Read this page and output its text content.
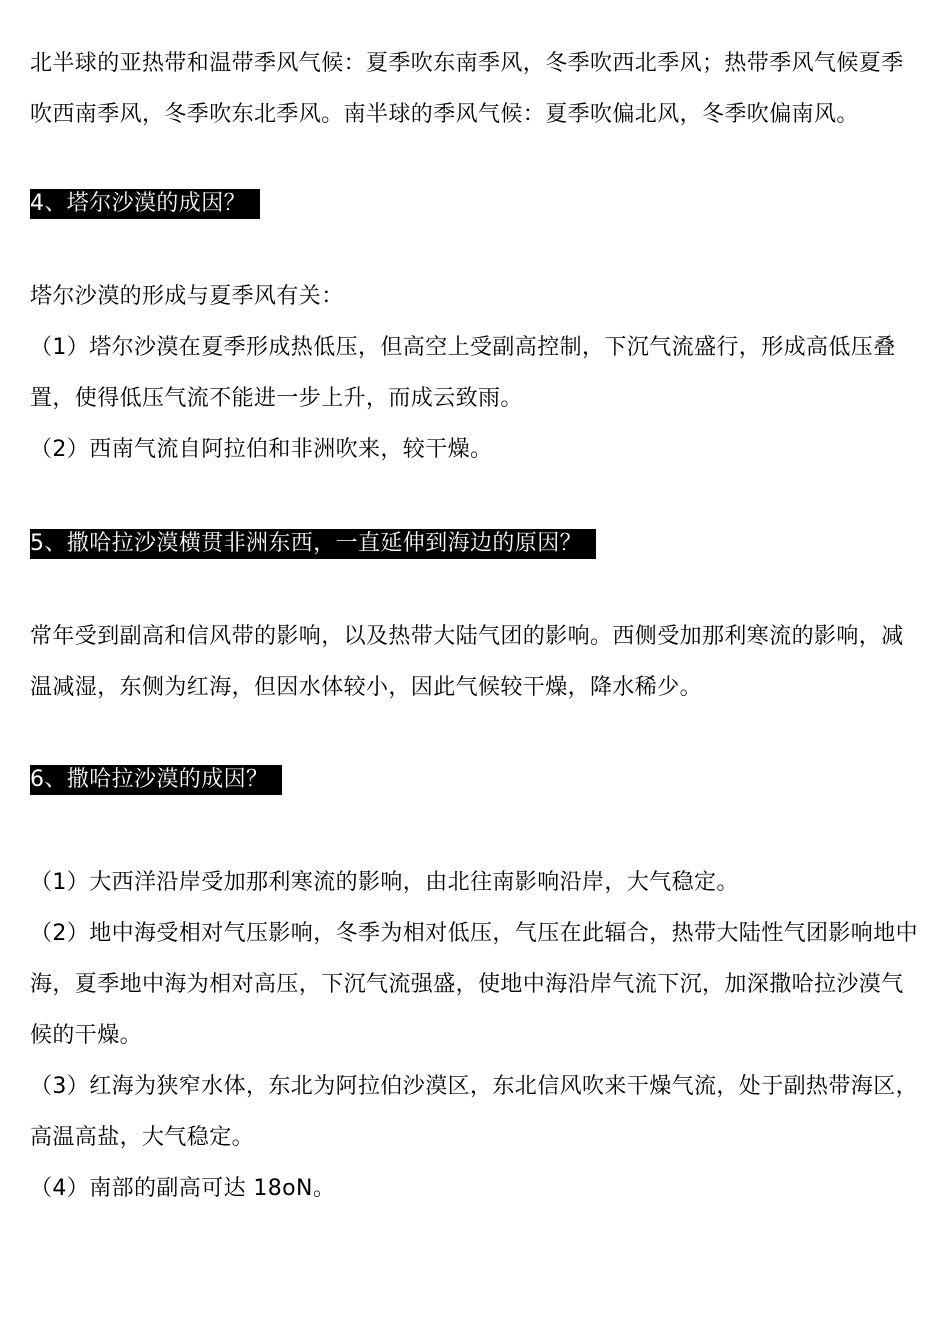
北半球的亚热带和温带季风气候：夏季吹东南季风，冬季吹西北季风；热带季风气候夏季吹西南季风，冬季吹东北季风。南半球的季风气候：夏季吹偏北风，冬季吹偏南风。

4、塔尔沙漠的成因？

塔尔沙漠的形成与夏季风有关：

（1）塔尔沙漠在夏季形成热低压，但高空上受副高控制，下沉气流盛行，形成高低压叠置，使得低压气流不能进一步上升，而成云致雨。

（2）西南气流自阿拉伯和非洲吹来，较干燥。

5、撒哈拉沙漠横贯非洲东西，一直延伸到海边的原因？

常年受到副高和信风带的影响，以及热带大陆气团的影响。西侧受加那利寒流的影响，减温减湿，东侧为红海，但因水体较小，因此气候较干燥，降水稀少。

6、撒哈拉沙漠的成因？

（1）大西洋沿岸受加那利寒流的影响，由北往南影响沿岸，大气稳定。

（2）地中海受相对气压影响，冬季为相对低压，气压在此辐合，热带大陆性气团影响地中海，夏季地中海为相对高压，下沉气流强盛，使地中海沿岸气流下沉，加深撒哈拉沙漠气候的干燥。

（3）红海为狭窄水体，东北为阿拉伯沙漠区，东北信风吹来干燥气流，处于副热带海区，高温高盐，大气稳定。

（4）南部的副高可达 18oN。
